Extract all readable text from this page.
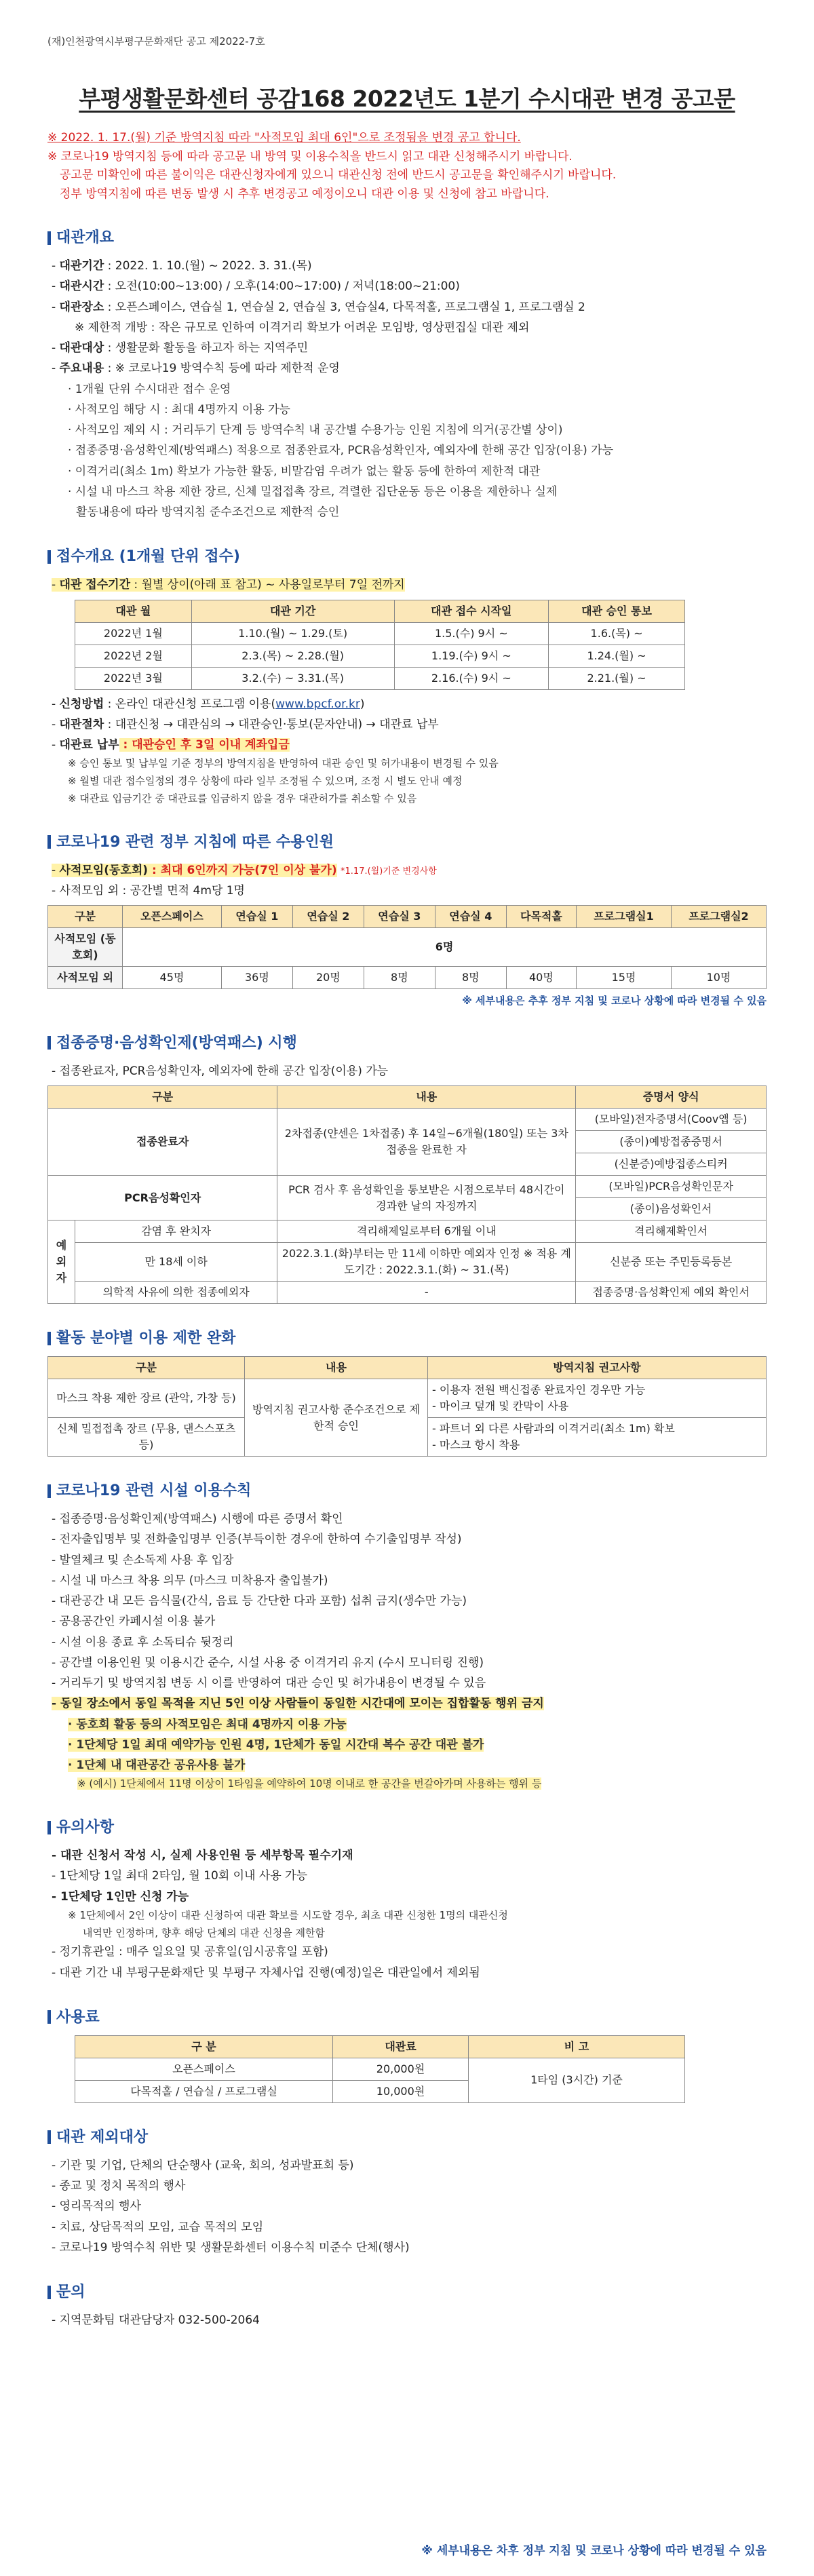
(재)인천광역시부평구문화재단 공고 제2022-7호
부평생활문화센터 공감168 2022년도 1분기 수시대관 변경 공고문
※ 2022. 1. 17.(월) 기준 방역지침 따라 "사적모임 최대 6인"으로 조정됨을 변경 공고 합니다.
※ 코로나19 방역지침 등에 따라 공고문 내 방역 및 이용수칙을 반드시 읽고 대관 신청해주시기 바랍니다.
공고문 미확인에 따른 불이익은 대관신청자에게 있으니 대관신청 전에 반드시 공고문을 확인해주시기 바랍니다.
정부 방역지침에 따른 변동 발생 시 추후 변경공고 예정이오니 대관 이용 및 신청에 참고 바랍니다.
대관개요
- 대관기간 : 2022. 1. 10.(월) ~ 2022. 3. 31.(목)
- 대관시간 : 오전(10:00~13:00) / 오후(14:00~17:00) / 저녁(18:00~21:00)
- 대관장소 : 오픈스페이스, 연습실 1, 연습실 2, 연습실 3, 연습실4, 다목적홀, 프로그램실 1, 프로그램실 2
※ 제한적 개방 : 작은 규모로 인하여 이격거리 확보가 어려운 모임방, 영상편집실 대관 제외
- 대관대상 : 생활문화 활동을 하고자 하는 지역주민
- 주요내용 : ※ 코로나19 방역수칙 등에 따라 제한적 운영
· 1개월 단위 수시대관 접수 운영
· 사적모임 해당 시 : 최대 4명까지 이용 가능
· 사적모임 제외 시 : 거리두기 단계 등 방역수칙 내 공간별 수용가능 인원 지침에 의거(공간별 상이)
· 접종증명·음성확인제(방역패스) 적용으로 접종완료자, PCR음성확인자, 예외자에 한해 공간 입장(이용) 가능
· 이격거리(최소 1m) 확보가 가능한 활동, 비말감염 우려가 없는 활동 등에 한하여 제한적 대관
· 시설 내 마스크 착용 제한 장르, 신체 밀접접촉 장르, 격렬한 집단운동 등은 이용을 제한하나 실제
활동내용에 따라 방역지침 준수조건으로 제한적 승인
접수개요 (1개월 단위 접수)
- 대관 접수기간 : 월별 상이(아래 표 참고) ~ 사용일로부터 7일 전까지
대관 월	대관 기간	대관 접수 시작일	대관 승인 통보
2022년 1월	1.10.(월) ~ 1.29.(토)	1.5.(수) 9시 ~	1.6.(목) ~
2022년 2월	2.3.(목) ~ 2.28.(월)	1.19.(수) 9시 ~	1.24.(월) ~
2022년 3월	3.2.(수) ~ 3.31.(목)	2.16.(수) 9시 ~	2.21.(월) ~
- 신청방법 : 온라인 대관신청 프로그램 이용(www.bpcf.or.kr)
- 대관절차 : 대관신청 → 대관심의 → 대관승인·통보(문자안내) → 대관료 납부
- 대관료 납부 : 대관승인 후 3일 이내 계좌입금
※ 승인 통보 및 납부일 기준 정부의 방역지침을 반영하여 대관 승인 및 허가내용이 변경될 수 있음
※ 월별 대관 접수일정의 경우 상황에 따라 일부 조정될 수 있으며, 조정 시 별도 안내 예정
※ 대관료 입금기간 중 대관료를 입금하지 않을 경우 대관허가를 취소할 수 있음
코로나19 관련 정부 지침에 따른 수용인원
- 사적모임(동호회) : 최대 6인까지 가능(7인 이상 불가) *1.17.(월)기준 변경사항
- 사적모임 외 : 공간별 면적 4m당 1명
구분	오픈스페이스	연습실 1	연습실 2	연습실 3	연습실 4	다목적홀	프로그램실1	프로그램실2
사적모임 (동호회)	6명							
사적모임 외	45명	36명	20명	8명	8명	40명	15명	10명
※ 세부내용은 추후 정부 지침 및 코로나 상황에 따라 변경될 수 있음
접종증명·음성확인제(방역패스) 시행
- 접종완료자, PCR음성확인자, 예외자에 한해 공간 입장(이용) 가능
구분		내용	증명서 양식
접종완료자		2차접종(얀센은 1차접종) 후 14일~6개월(180일) 또는 3차접종을 완료한 자	(모바일)전자증명서(Coov앱 등)
			(종이)예방접종증명서
			(신분증)예방접종스티커
PCR음성확인자		PCR 검사 후 음성확인을 통보받은 시점으로부터 48시간이 경과한 날의 자정까지	(모바일)PCR음성확인문자
			(종이)음성확인서
예외자	감염 후 완치자	격리해제일로부터 6개월 이내	격리해제확인서
	만 18세 이하	2022.3.1.(화)부터는 만 11세 이하만 예외자 인정 ※ 적용 계도기간 : 2022.3.1.(화) ~ 31.(목)	신분증 또는 주민등록등본
	의학적 사유에 의한 접종예외자	-	접종증명·음성확인제 예외 확인서
활동 분야별 이용 제한 완화
구분	내용	방역지침 권고사항
마스크 착용 제한 장르 (관악, 가창 등)	방역지침 권고사항 준수조건으로 제한적 승인	- 이용자 전원 백신접종 완료자인 경우만 가능
- 마이크 덮개 및 칸막이 사용

신체 밀접접촉 장르 (무용, 댄스스포츠 등)		- 파트너 외 다른 사람과의 이격거리(최소 1m) 확보
- 마스크 항시 착용
코로나19 관련 시설 이용수칙
- 접종증명·음성확인제(방역패스) 시행에 따른 증명서 확인
- 전자출입명부 및 전화출입명부 인증(부득이한 경우에 한하여 수기출입명부 작성)
- 발열체크 및 손소독제 사용 후 입장
- 시설 내 마스크 착용 의무 (마스크 미착용자 출입불가)
- 대관공간 내 모든 음식물(간식, 음료 등 간단한 다과 포함) 섭취 금지(생수만 가능)
- 공용공간인 카페시설 이용 불가
- 시설 이용 종료 후 소독티슈 뒷정리
- 공간별 이용인원 및 이용시간 준수, 시설 사용 중 이격거리 유지 (수시 모니터링 진행)
- 거리두기 및 방역지침 변동 시 이를 반영하여 대관 승인 및 허가내용이 변경될 수 있음
- 동일 장소에서 동일 목적을 지닌 5인 이상 사람들이 동일한 시간대에 모이는 집합활동 행위 금지
· 동호회 활동 등의 사적모임은 최대 4명까지 이용 가능
· 1단체당 1일 최대 예약가능 인원 4명, 1단체가 동일 시간대 복수 공간 대관 불가
· 1단체 내 대관공간 공유사용 불가
※ (예시) 1단체에서 11명 이상이 1타임을 예약하여 10명 이내로 한 공간을 번갈아가며 사용하는 행위 등
유의사항
- 대관 신청서 작성 시, 실제 사용인원 등 세부항목 필수기재
- 1단체당 1일 최대 2타임, 월 10회 이내 사용 가능
- 1단체당 1인만 신청 가능
※ 1단체에서 2인 이상이 대관 신청하여 대관 확보를 시도할 경우, 최초 대관 신청한 1명의 대관신청
내역만 인정하며, 향후 해당 단체의 대관 신청을 제한함
- 정기휴관일 : 매주 일요일 및 공휴일(임시공휴일 포함)
- 대관 기간 내 부평구문화재단 및 부평구 자체사업 진행(예정)일은 대관일에서 제외됨
사용료
구 분	대관료	비 고
오픈스페이스	20,000원	1타임 (3시간) 기준
다목적홀 / 연습실 / 프로그램실	10,000원	
대관 제외대상
- 기관 및 기업, 단체의 단순행사 (교육, 회의, 성과발표회 등)
- 종교 및 정치 목적의 행사
- 영리목적의 행사
- 치료, 상담목적의 모임, 교습 목적의 모임
- 코로나19 방역수칙 위반 및 생활문화센터 이용수칙 미준수 단체(행사)
문의
- 지역문화팀 대관담당자 032-500-2064
※ 세부내용은 차후 정부 지침 및 코로나 상황에 따라 변경될 수 있음
